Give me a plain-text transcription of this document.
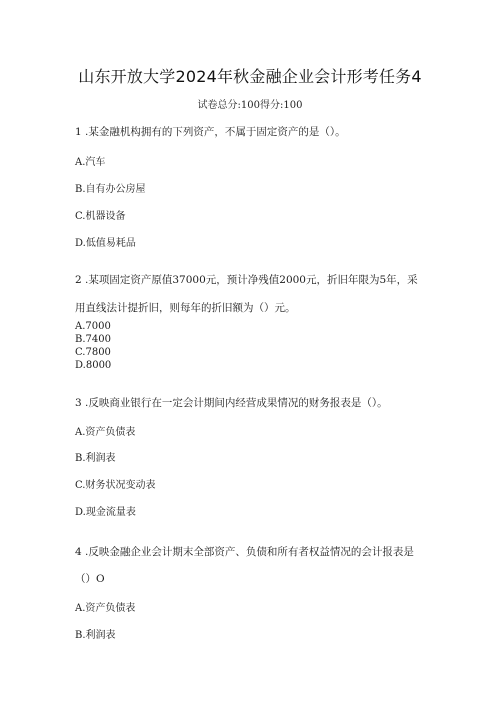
山东开放大学2024年秋金融企业会计形考任务4
试卷总分:100得分:100
1 .某金融机构拥有的下列资产，不属于固定资产的是（）。
A.汽车
B.自有办公房屋
C.机器设备
D.低值易耗品
2 .某项固定资产原值37000元，预计净残值2000元，折旧年限为5年，采
用直线法计提折旧，则每年的折旧额为（）元。
A.7000
B.7400
C.7800
D.8000
3 .反映商业银行在一定会计期间内经营成果情况的财务报表是（）。
A.资产负债表
B.利润表
C.财务状况变动表
D.现金流量表
4 .反映金融企业会计期末全部资产、负债和所有者权益情况的会计报表是
（）O
A.资产负债表
B.利润表
